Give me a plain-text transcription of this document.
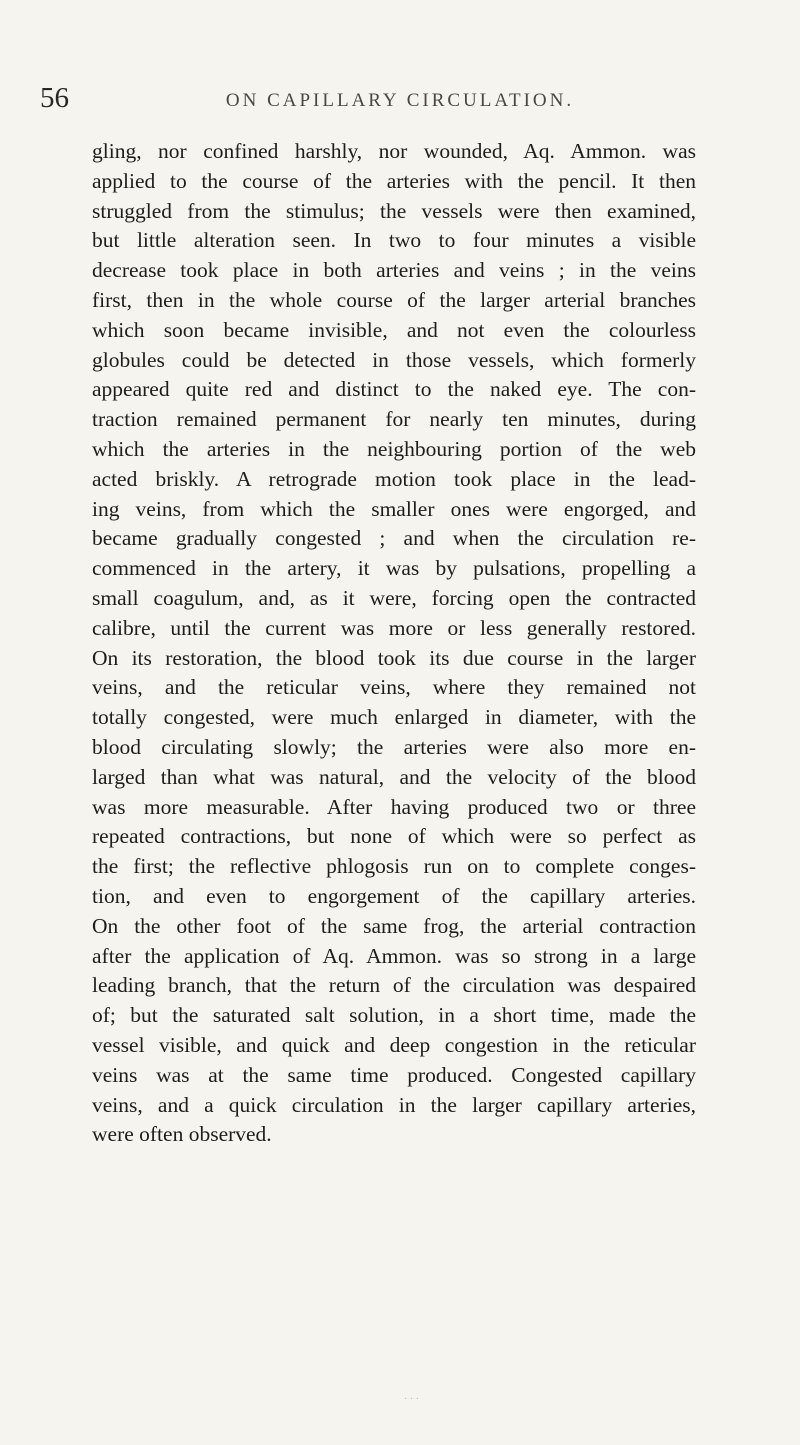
56	ON CAPILLARY CIRCULATION.
gling, nor confined harshly, nor wounded, Aq. Ammon. was
applied to the course of the arteries with the pencil. It then
struggled from the stimulus; the vessels were then examined,
but little alteration seen. In two to four minutes a visible
decrease took place in both arteries and veins ; in the veins
first, then in the whole course of the larger arterial branches
which soon became invisible, and not even the colourless
globules could be detected in those vessels, which formerly
appeared quite red and distinct to the naked eye. The con-
traction remained permanent for nearly ten minutes, during
which the arteries in the neighbouring portion of the web
acted briskly. A retrograde motion took place in the lead-
ing veins, from which the smaller ones were engorged, and
became gradually congested ; and when the circulation re-
commenced in the artery, it was by pulsations, propelling a
small coagulum, and, as it were, forcing open the contracted
calibre, until the current was more or less generally restored.
On its restoration, the blood took its due course in the larger
veins, and the reticular veins, where they remained not
totally congested, were much enlarged in diameter, with the
blood circulating slowly; the arteries were also more en-
larged than what was natural, and the velocity of the blood
was more measurable. After having produced two or three
repeated contractions, but none of which were so perfect as
the first; the reflective phlogosis run on to complete conges-
tion, and even to engorgement of the capillary arteries.
On the other foot of the same frog, the arterial contraction
after the application of Aq. Ammon. was so strong in a large
leading branch, that the return of the circulation was despaired
of; but the saturated salt solution, in a short time, made the
vessel visible, and quick and deep congestion in the reticular
veins was at the same time produced. Congested capillary
veins, and a quick circulation in the larger capillary arteries,
were often observed.
· · ·
